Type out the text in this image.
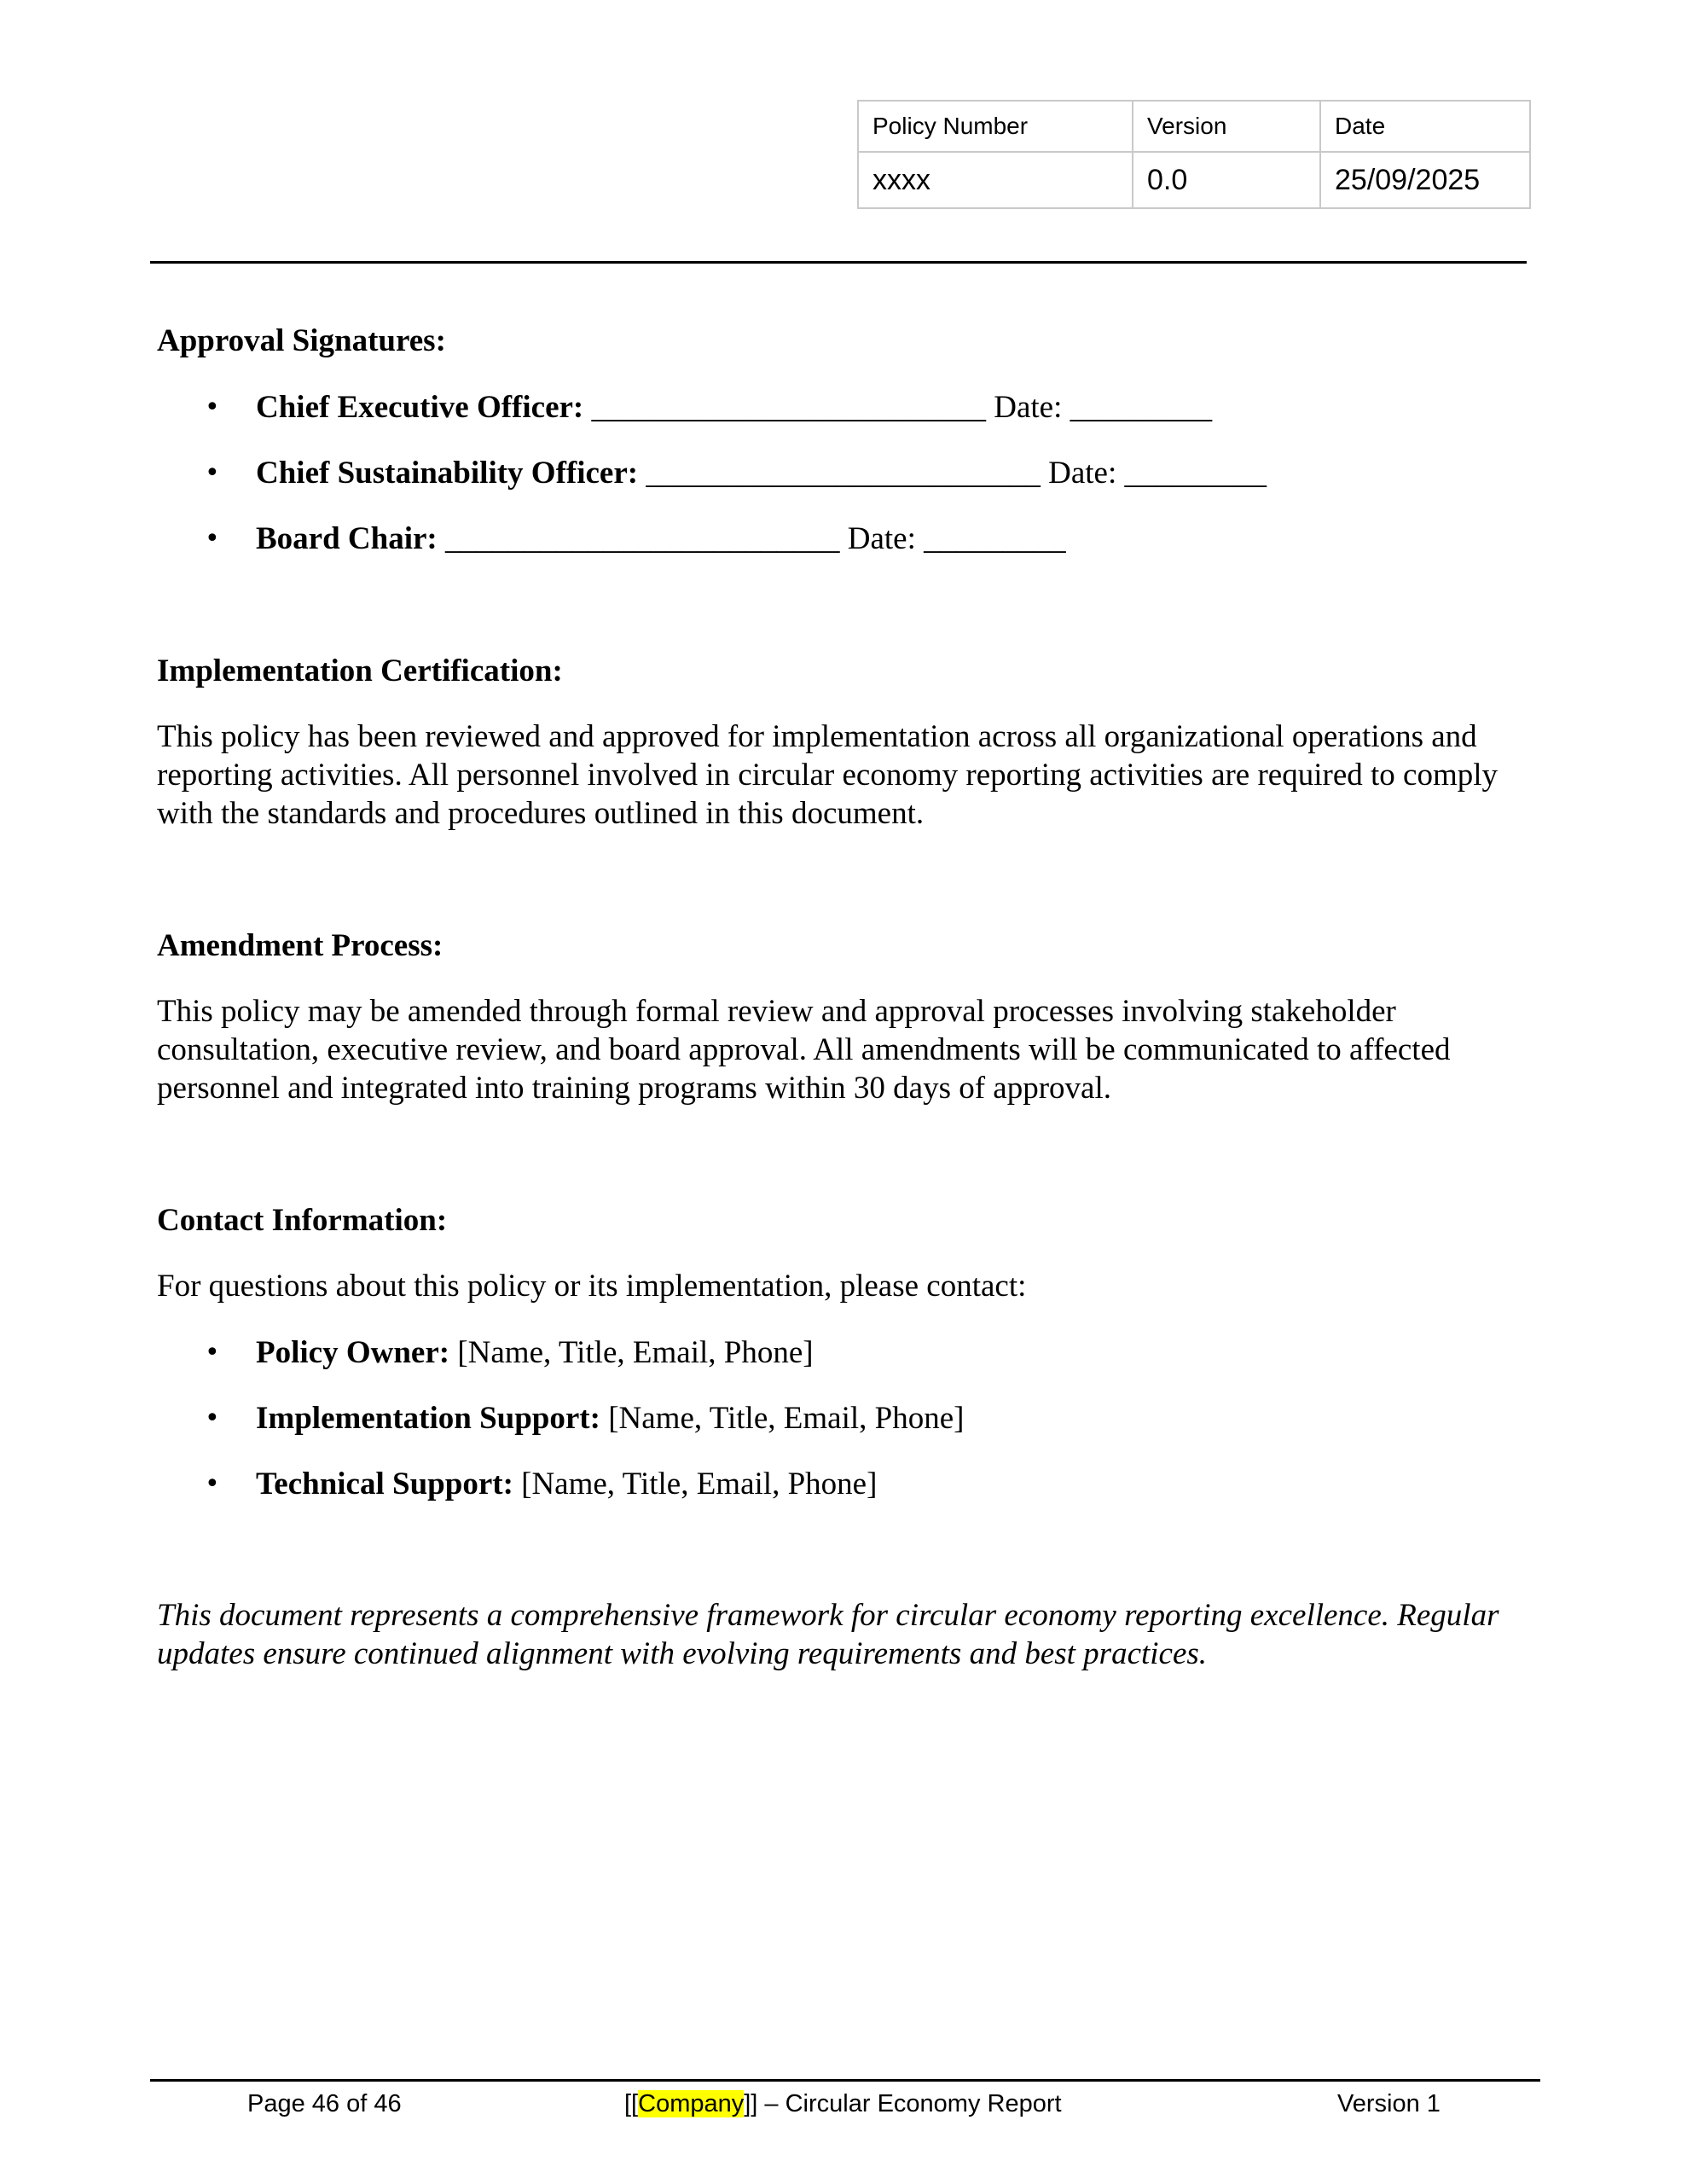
Policy Number	Version	Date
xxxx	0.0	25/09/2025
Approval Signatures:
• Chief Executive Officer: _________________________ Date: _________
• Chief Sustainability Officer: _________________________ Date: _________
• Board Chair: _________________________ Date: _________
Implementation Certification:
This policy has been reviewed and approved for implementation across all organizational operations and reporting activities. All personnel involved in circular economy reporting activities are required to comply with the standards and procedures outlined in this document.
Amendment Process:
This policy may be amended through formal review and approval processes involving stakeholder consultation, executive review, and board approval. All amendments will be communicated to affected personnel and integrated into training programs within 30 days of approval.
Contact Information:
For questions about this policy or its implementation, please contact:
• Policy Owner: [Name, Title, Email, Phone]
• Implementation Support: [Name, Title, Email, Phone]
• Technical Support: [Name, Title, Email, Phone]
This document represents a comprehensive framework for circular economy reporting excellence. Regular updates ensure continued alignment with evolving requirements and best practices.
Page 46 of 46	[[Company]] – Circular Economy Report	Version 1
